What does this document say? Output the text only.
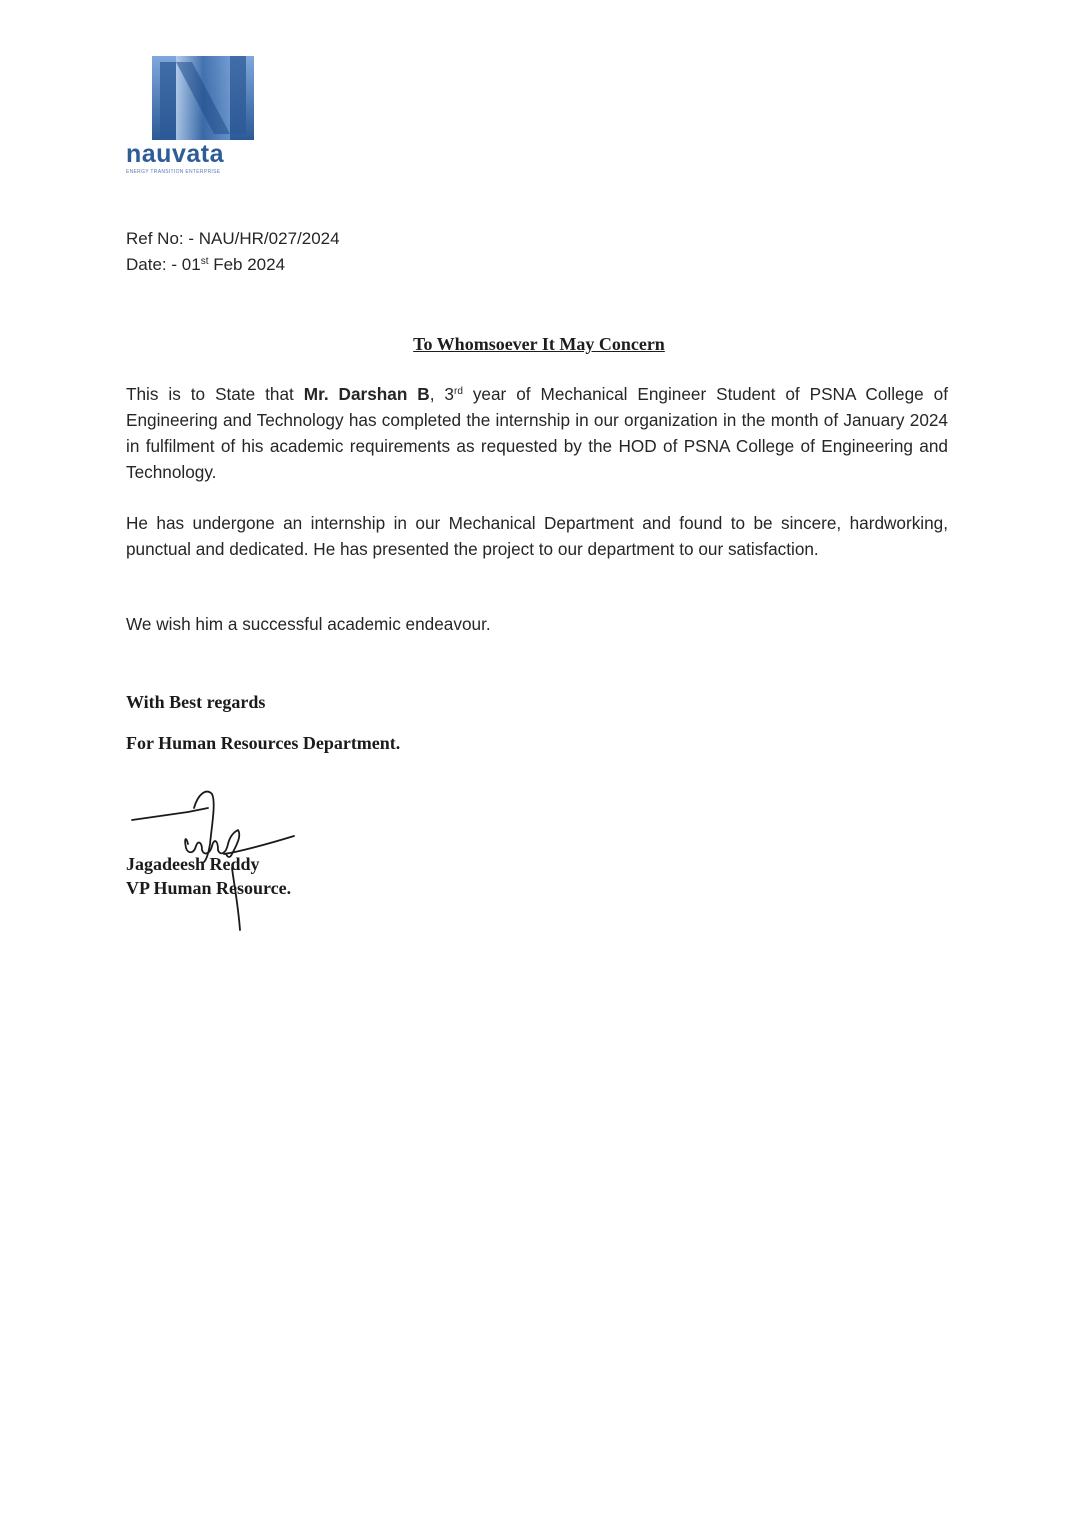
nauvata
ENERGY TRANSITION ENTERPRISE
Ref No: - NAU/HR/027/2024
Date: - 01st Feb 2024
To Whomsoever It May Concern
This is to State that Mr. Darshan B, 3rd year of Mechanical Engineer Student of PSNA College of Engineering and Technology has completed the internship in our organization in the month of January 2024 in fulfilment of his academic requirements as requested by the HOD of PSNA College of Engineering and Technology.
He has undergone an internship in our Mechanical Department and found to be sincere, hardworking, punctual and dedicated. He has presented the project to our department to our satisfaction.
We wish him a successful academic endeavour.
With Best regards
For Human Resources Department.
Jagadeesh Reddy
VP Human Resource.
